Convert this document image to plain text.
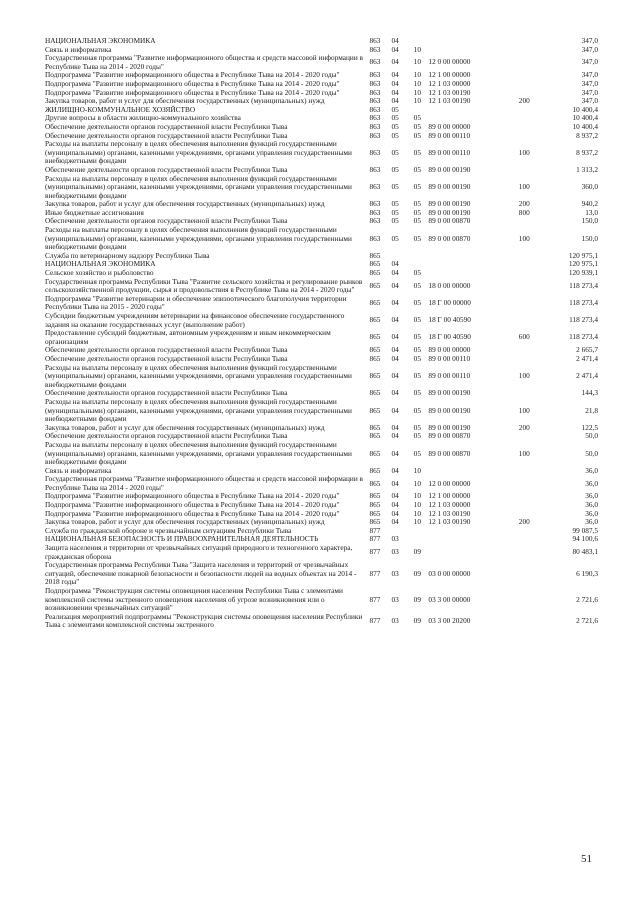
НАЦИОНАЛЬНАЯ ЭКОНОМИКА	863	04				347,0
Связь и информатика	863	04	10			347,0
Государственная программа "Развитие информационного общества и средств массовой информации в Республике Тыва на 2014 - 2020 годы"	863	04	10	12 0 00 00000		347,0
Подпрограмма "Развитие информационного общества в Республике Тыва на 2014 - 2020 годы"	863	04	10	12 1 00 00000		347,0
Подпрограмма "Развитие информационного общества в Республике Тыва на 2014 - 2020 годы"	863	04	10	12 1 03 00000		347,0
Подпрограмма "Развитие информационного общества в Республике Тыва на 2014 - 2020 годы"	863	04	10	12 1 03 00190		347,0
Закупка товаров, работ и услуг для обеспечения государственных (муниципальных) нужд	863	04	10	12 1 03 00190	200	347,0
ЖИЛИЩНО-КОММУНАЛЬНОЕ ХОЗЯЙСТВО	863	05				10 400,4
Другие вопросы в области жилищно-коммунального хозяйства	863	05	05			10 400,4
Обеспечение деятельности органов государственной власти Республики Тыва	863	05	05	89 0 00 00000		10 400,4
Обеспечение деятельности органов государственной власти Республики Тыва	863	05	05	89 0 00 00110		8 937,2
Расходы на выплаты персоналу в целях обеспечения выполнения функций государственными (муниципальными) органами, казенными учреждениями, органами управления государственными внебюджетными фондами	863	05	05	89 0 00 00110	100	8 937,2
Обеспечение деятельности органов государственной власти Республики Тыва	863	05	05	89 0 00 00190		1 313,2
Расходы на выплаты персоналу в целях обеспечения выполнения функций государственными (муниципальными) органами, казенными учреждениями, органами управления государственными внебюджетными фондами	863	05	05	89 0 00 00190	100	360,0
Закупка товаров, работ и услуг для обеспечения государственных (муниципальных) нужд	863	05	05	89 0 00 00190	200	940,2
Иные бюджетные ассигнования	863	05	05	89 0 00 00190	800	13,0
Обеспечение деятельности органов государственной власти Республики Тыва	863	05	05	89 0 00 00870		150,0
Расходы на выплаты персоналу в целях обеспечения выполнения функций государственными (муниципальными) органами, казенными учреждениями, органами управления государственными внебюджетными фондами	863	05	05	89 0 00 00870	100	150,0
Служба по ветеринарному надзору Республики Тыва	865					120 975,1
НАЦИОНАЛЬНАЯ ЭКОНОМИКА	865	04				120 975,1
Сельское хозяйство и рыболовство	865	04	05			120 939,1
Государственная программа Республики Тыва "Развитие сельского хозяйства и регулирование рынков сельскохозяйственной продукции, сырья и продовольствия в Республике Тыва на 2014 - 2020 годы"	865	04	05	18 0 00 00000		118 273,4
Подпрограмма "Развитие ветеринарии и обеспечение эпизоотического благополучия территории Республики Тыва на 2015 - 2020 годы"	865	04	05	18 Г 00 00000		118 273,4
Субсидии бюджетным учреждениям ветеринарии на финансовое обеспечение государственного задания на оказание государственных услуг (выполнение работ)	865	04	05	18 Г 00 40590		118 273,4
Предоставление субсидий бюджетным, автономным учреждениям и иным некоммерческим организациям	865	04	05	18 Г 00 40590	600	118 273,4
Обеспечение деятельности органов государственной власти Республики Тыва	865	04	05	89 0 00 00000		2 665,7
Обеспечение деятельности органов государственной власти Республики Тыва	865	04	05	89 0 00 00110		2 471,4
Расходы на выплаты персоналу в целях обеспечения выполнения функций государственными (муниципальными) органами, казенными учреждениями, органами управления государственными внебюджетными фондами	865	04	05	89 0 00 00110	100	2 471,4
Обеспечение деятельности органов государственной власти Республики Тыва	865	04	05	89 0 00 00190		144,3
Расходы на выплаты персоналу в целях обеспечения выполнения функций государственными (муниципальными) органами, казенными учреждениями, органами управления государственными внебюджетными фондами	865	04	05	89 0 00 00190	100	21,8
Закупка товаров, работ и услуг для обеспечения государственных (муниципальных) нужд	865	04	05	89 0 00 00190	200	122,5
Обеспечение деятельности органов государственной власти Республики Тыва	865	04	05	89 0 00 00870		50,0
Расходы на выплаты персоналу в целях обеспечения выполнения функций государственными (муниципальными) органами, казенными учреждениями, органами управления государственными внебюджетными фондами	865	04	05	89 0 00 00870	100	50,0
Связь и информатика	865	04	10			36,0
Государственная программа "Развитие информационного общества и средств массовой информации в Республике Тыва на 2014 - 2020 годы"	865	04	10	12 0 00 00000		36,0
Подпрограмма "Развитие информационного общества в Республике Тыва на 2014 - 2020 годы"	865	04	10	12 1 00 00000		36,0
Подпрограмма "Развитие информационного общества в Республике Тыва на 2014 - 2020 годы"	865	04	10	12 1 03 00000		36,0
Подпрограмма "Развитие информационного общества в Республике Тыва на 2014 - 2020 годы"	865	04	10	12 1 03 00190		36,0
Закупка товаров, работ и услуг для обеспечения государственных (муниципальных) нужд	865	04	10	12 1 03 00190	200	36,0
Служба по гражданской обороне и чрезвычайным ситуациям Республики Тыва	877					99 087,5
НАЦИОНАЛЬНАЯ БЕЗОПАСНОСТЬ И ПРАВООХРАНИТЕЛЬНАЯ ДЕЯТЕЛЬНОСТЬ	877	03				94 100,6
Защита населения и территории от чрезвычайных ситуаций природного и техногенного характера, гражданская оборона	877	03	09			80 483,1
Государственная программа Республики Тыва "Защита населения и территорий от чрезвычайных ситуаций, обеспечение пожарной безопасности и безопасности людей на водных объектах на 2014 - 2018 годы"	877	03	09	03 0 00 00000		6 190,3
Подпрограмма "Реконструкция системы оповещения населения Республики Тыва с элементами комплексной системы экстренного оповещения населения об угрозе возникновения или о возникновении чрезвычайных ситуаций"	877	03	09	03 3 00 00000		2 721,6
Реализация мероприятий подпрограммы "Реконструкция системы оповещения населения Республики Тыва с элементами комплексной системы экстренного	877	03	09	03 3 00 20200		2 721,6
51
